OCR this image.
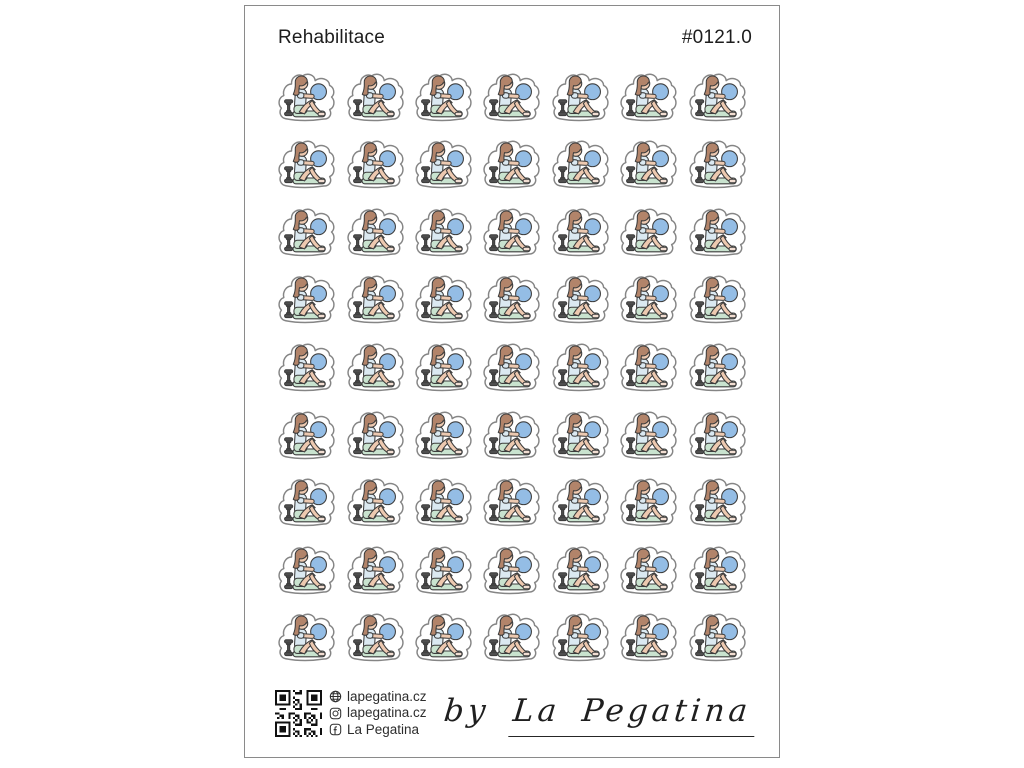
Rehabilitace	#0121.0
lapegatina.cz
lapegatina.cz
La Pegatina
by La Pegatina
